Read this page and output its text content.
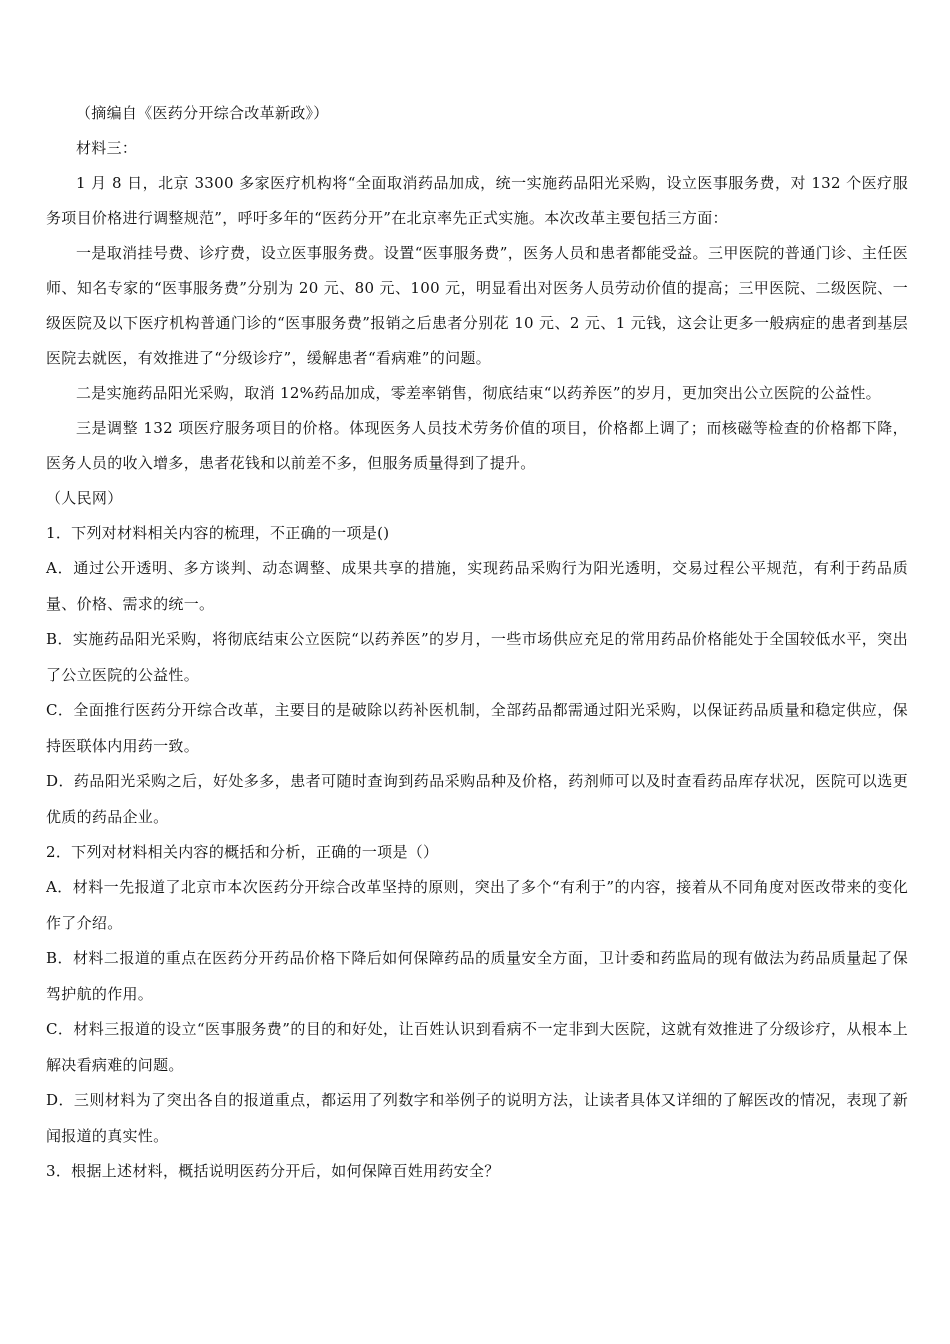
（摘编自《医药分开综合改革新政》）

材料三：

1 月 8 日，北京 3300 多家医疗机构将“全面取消药品加成，统一实施药品阳光采购，设立医事服务费，对 132 个医疗服务项目价格进行调整规范”，呼吁多年的“医药分开”在北京率先正式实施。本次改革主要包括三方面：

一是取消挂号费、诊疗费，设立医事服务费。设置“医事服务费”，医务人员和患者都能受益。三甲医院的普通门诊、主任医师、知名专家的“医事服务费”分别为 20 元、80 元、100 元，明显看出对医务人员劳动价值的提高；三甲医院、二级医院、一级医院及以下医疗机构普通门诊的“医事服务费”报销之后患者分别花 10 元、2 元、1 元钱，这会让更多一般病症的患者到基层医院去就医，有效推进了“分级诊疗”，缓解患者“看病难”的问题。

二是实施药品阳光采购，取消 12%药品加成，零差率销售，彻底结束“以药养医”的岁月，更加突出公立医院的公益性。

三是调整 132 项医疗服务项目的价格。体现医务人员技术劳务价值的项目，价格都上调了；而核磁等检查的价格都下降，医务人员的收入增多，患者花钱和以前差不多，但服务质量得到了提升。

（人民网）

1．下列对材料相关内容的梳理，不正确的一项是()

A．通过公开透明、多方谈判、动态调整、成果共享的措施，实现药品采购行为阳光透明，交易过程公平规范，有利于药品质量、价格、需求的统一。

B．实施药品阳光采购，将彻底结束公立医院“以药养医”的岁月，一些市场供应充足的常用药品价格能处于全国较低水平，突出了公立医院的公益性。

C．全面推行医药分开综合改革，主要目的是破除以药补医机制，全部药品都需通过阳光采购，以保证药品质量和稳定供应，保持医联体内用药一致。

D．药品阳光采购之后，好处多多，患者可随时查询到药品采购品种及价格，药剂师可以及时查看药品库存状况，医院可以选更优质的药品企业。

2．下列对材料相关内容的概括和分析，正确的一项是（）

A．材料一先报道了北京市本次医药分开综合改革坚持的原则，突出了多个“有利于”的内容，接着从不同角度对医改带来的变化作了介绍。

B．材料二报道的重点在医药分开药品价格下降后如何保障药品的质量安全方面，卫计委和药监局的现有做法为药品质量起了保驾护航的作用。

C．材料三报道的设立“医事服务费”的目的和好处，让百姓认识到看病不一定非到大医院，这就有效推进了分级诊疗，从根本上解决看病难的问题。

D．三则材料为了突出各自的报道重点，都运用了列数字和举例子的说明方法，让读者具体又详细的了解医改的情况，表现了新闻报道的真实性。

3．根据上述材料，概括说明医药分开后，如何保障百姓用药安全？
